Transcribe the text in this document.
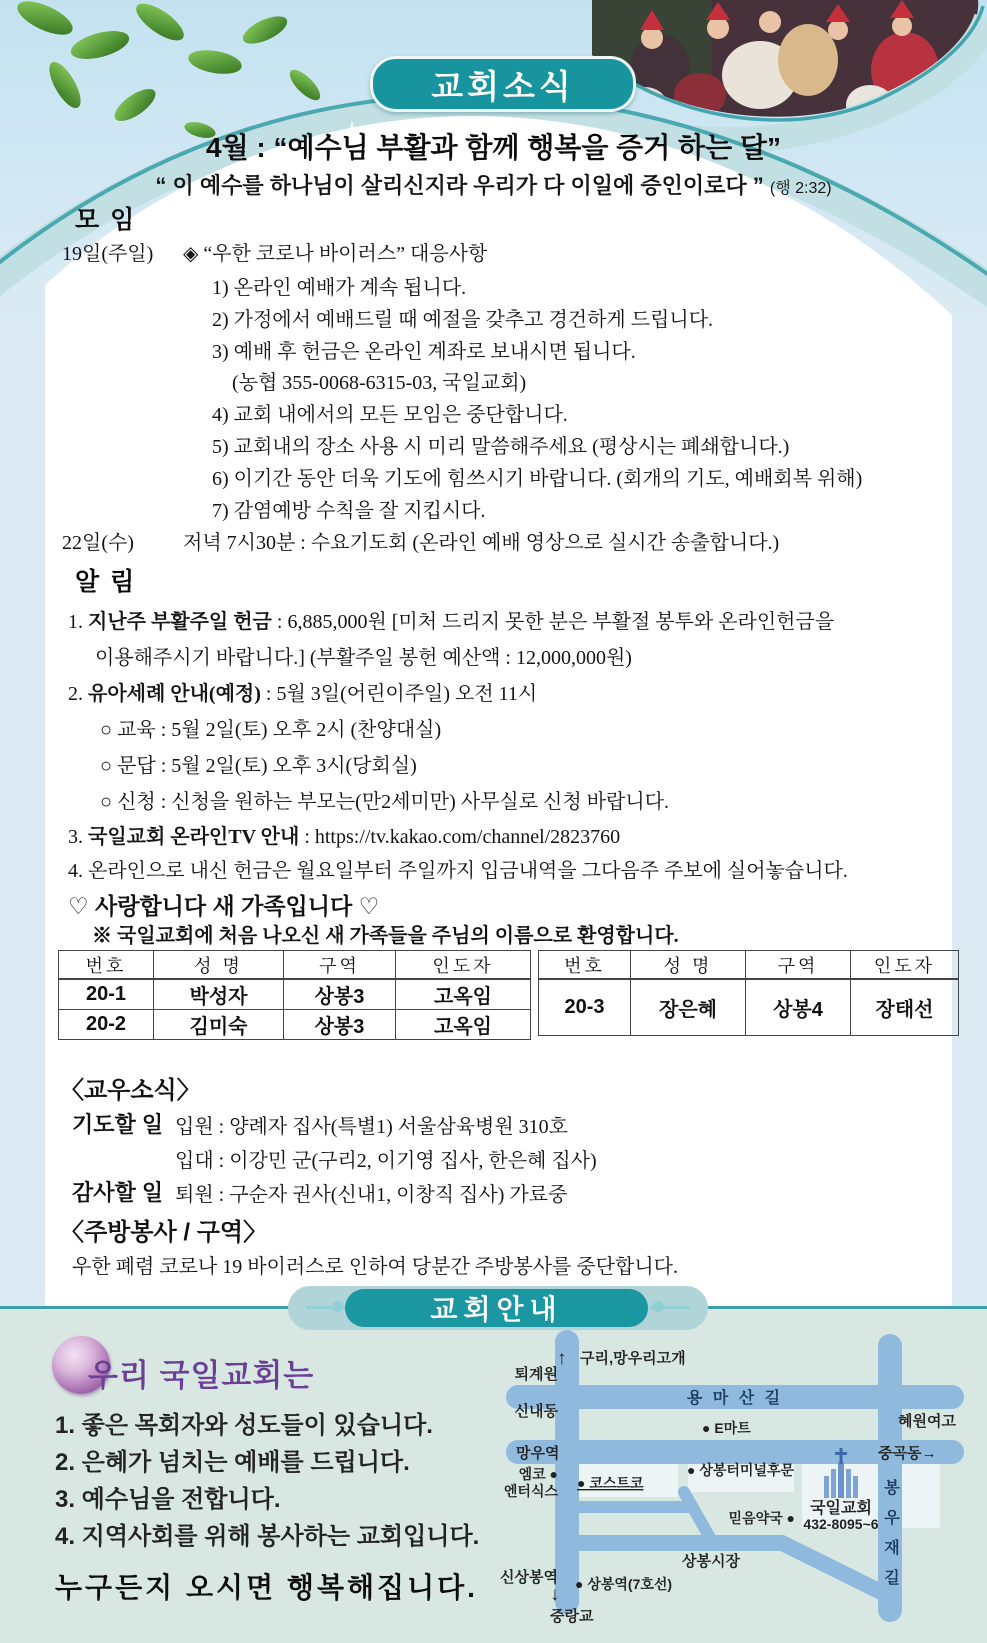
교회소식
4월 : “예수님 부활과 함께 행복을 증거 하는 달”
“ 이 예수를 하나님이 살리신지라 우리가 다 이일에 증인이로다 ” (행 2:32)
모 임
19일(주일) ◈ “우한 코로나 바이러스” 대응사항
1) 온라인 예배가 계속 됩니다.
2) 가정에서 예배드릴 때 예절을 갖추고 경건하게 드립니다.
3) 예배 후 헌금은 온라인 계좌로 보내시면 됩니다.
(농협 355-0068-6315-03, 국일교회)
4) 교회 내에서의 모든 모임은 중단합니다.
5) 교회내의 장소 사용 시 미리 말씀해주세요 (평상시는 폐쇄합니다.)
6) 이기간 동안 더욱 기도에 힘쓰시기 바랍니다. (회개의 기도, 예배회복 위해)
7) 감염예방 수칙을 잘 지킵시다.
22일(수) 저녁 7시30분 : 수요기도회 (온라인 예배 영상으로 실시간 송출합니다.)
알 림
1. 지난주 부활주일 헌금 : 6,885,000원 [미처 드리지 못한 분은 부활절 봉투와 온라인헌금을
이용해주시기 바랍니다.] (부활주일 봉헌 예산액 : 12,000,000원)
2. 유아세례 안내(예정) : 5월 3일(어린이주일) 오전 11시
○ 교육 : 5월 2일(토) 오후 2시 (찬양대실)
○ 문답 : 5월 2일(토) 오후 3시(당회실)
○ 신청 : 신청을 원하는 부모는(만2세미만) 사무실로 신청 바랍니다.
3. 국일교회 온라인TV 안내 : https://tv.kakao.com/channel/2823760
4. 온라인으로 내신 헌금은 월요일부터 주일까지 입금내역을 그다음주 주보에 실어놓습니다.
♡ 사랑합니다 새 가족입니다 ♡
※ 국일교회에 처음 나오신 새 가족들을 주님의 이름으로 환영합니다.
번호	성 명	구역	인도자
20-1	박성자	상봉3	고옥임
20-2	김미숙	상봉3	고옥임
번호	성 명	구역	인도자
20-3	장은혜	상봉4	장태선
〈교우소식〉
기도할 일 입원 : 양례자 집사(특별1) 서울삼육병원 310호
입대 : 이강민 군(구리2, 이기영 집사, 한은혜 집사)
감사할 일 퇴원 : 구순자 권사(신내1, 이창직 집사) 가료중
〈주방봉사 / 구역〉
우한 폐렴 코로나 19 바이러스로 인하여 당분간 주방봉사를 중단합니다.
교회안내
우리 국일교회는
1. 좋은 목회자와 성도들이 있습니다.
2. 은혜가 넘치는 예배를 드립니다.
3. 예수님을 전합니다.
4. 지역사회를 위해 봉사하는 교회입니다.
누구든지 오시면 행복해집니다.
↑ 구리,망우리고개
퇴계원
용 마 산 길
신내동
● E마트	혜원여고
망우역	중곡동→
엠코 ●
엔터식스 ● 코스트코
● 상봉터미널후문
믿음약국 ●
국일교회
432-8095~6
봉
우
재
길
상봉시장
신상봉역 ● 상봉역(7호선)
↓
중랑교
